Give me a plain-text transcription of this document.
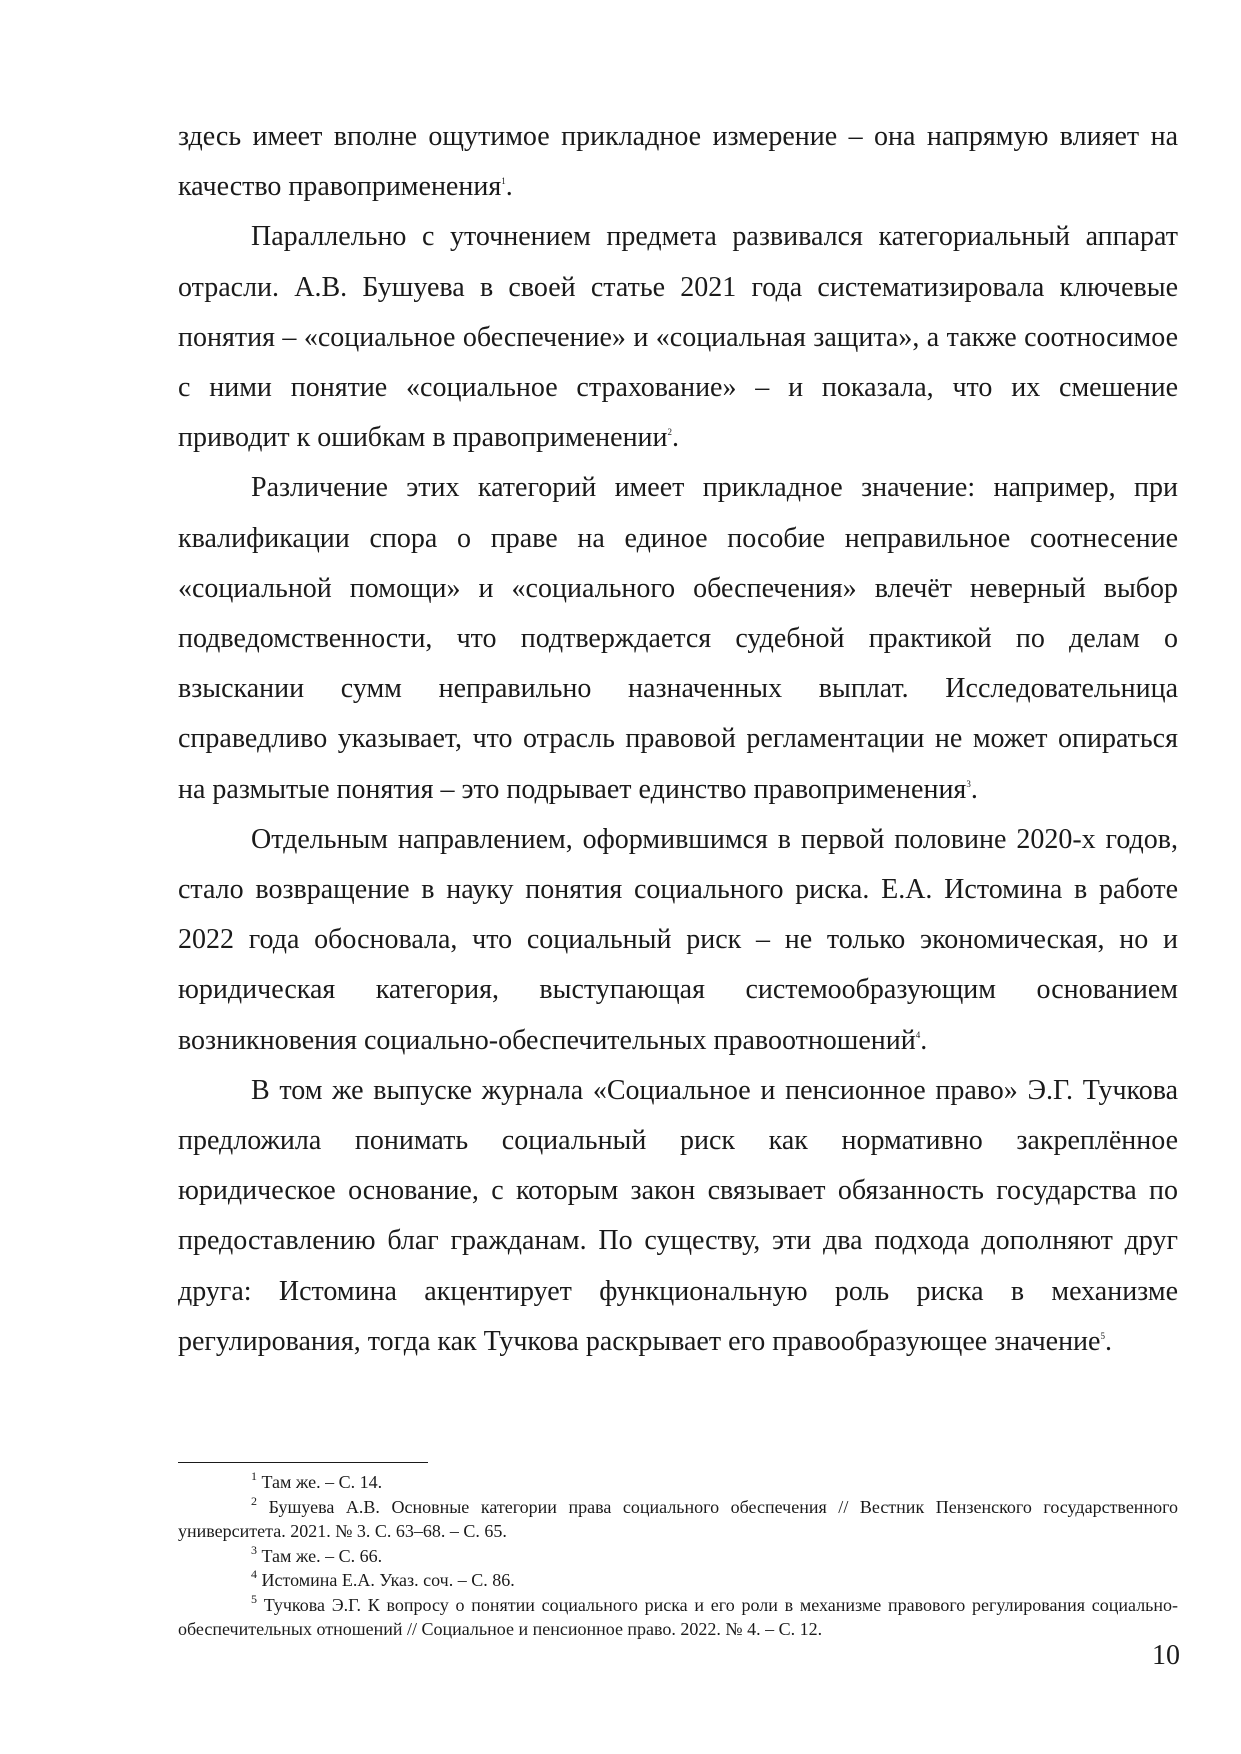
здесь имеет вполне ощутимое прикладное измерение – она напрямую влияет на качество правоприменения$^1$.

Параллельно с уточнением предмета развивался категориальный аппарат отрасли. А.В. Бушуева в своей статье 2021 года систематизировала ключевые понятия – «социальное обеспечение» и «социальная защита», а также соотносимое с ними понятие «социальное страхование» – и показала, что их смешение приводит к ошибкам в правоприменении$^2$.

Различение этих категорий имеет прикладное значение: например, при квалификации спора о праве на единое пособие неправильное соотнесение «социальной помощи» и «социального обеспечения» влечёт неверный выбор подведомственности, что подтверждается судебной практикой по делам о взыскании сумм неправильно назначенных выплат. Исследовательница справедливо указывает, что отрасль правовой регламентации не может опираться на размытые понятия – это подрывает единство правоприменения$^3$.

Отдельным направлением, оформившимся в первой половине 2020-х годов, стало возвращение в науку понятия социального риска. Е.А. Истомина в работе 2022 года обосновала, что социальный риск – не только экономическая, но и юридическая категория, выступающая системообразующим основанием возникновения социально-обеспечительных правоотношений$^4$.

В том же выпуске журнала «Социальное и пенсионное право» Э.Г. Тучкова предложила понимать социальный риск как нормативно закреплённое юридическое основание, с которым закон связывает обязанность государства по предоставлению благ гражданам. По существу, эти два подхода дополняют друг друга: Истомина акцентирует функциональную роль риска в механизме регулирования, тогда как Тучкова раскрывает его правообразующее значение$^5$.

$^1$ Там же. – С. 14.

$^2$ Бушуева А.В. Основные категории права социального обеспечения // Вестник Пензенского государственного университета. 2021. № 3. С. 63–68. – С. 65.

$^3$ Там же. – С. 66.

$^4$ Истомина Е.А. Указ. соч. – С. 86.

$^5$ Тучкова Э.Г. К вопросу о понятии социального риска и его роли в механизме правового регулирования социально-обеспечительных отношений // Социальное и пенсионное право. 2022. № 4. – С. 12.

10
